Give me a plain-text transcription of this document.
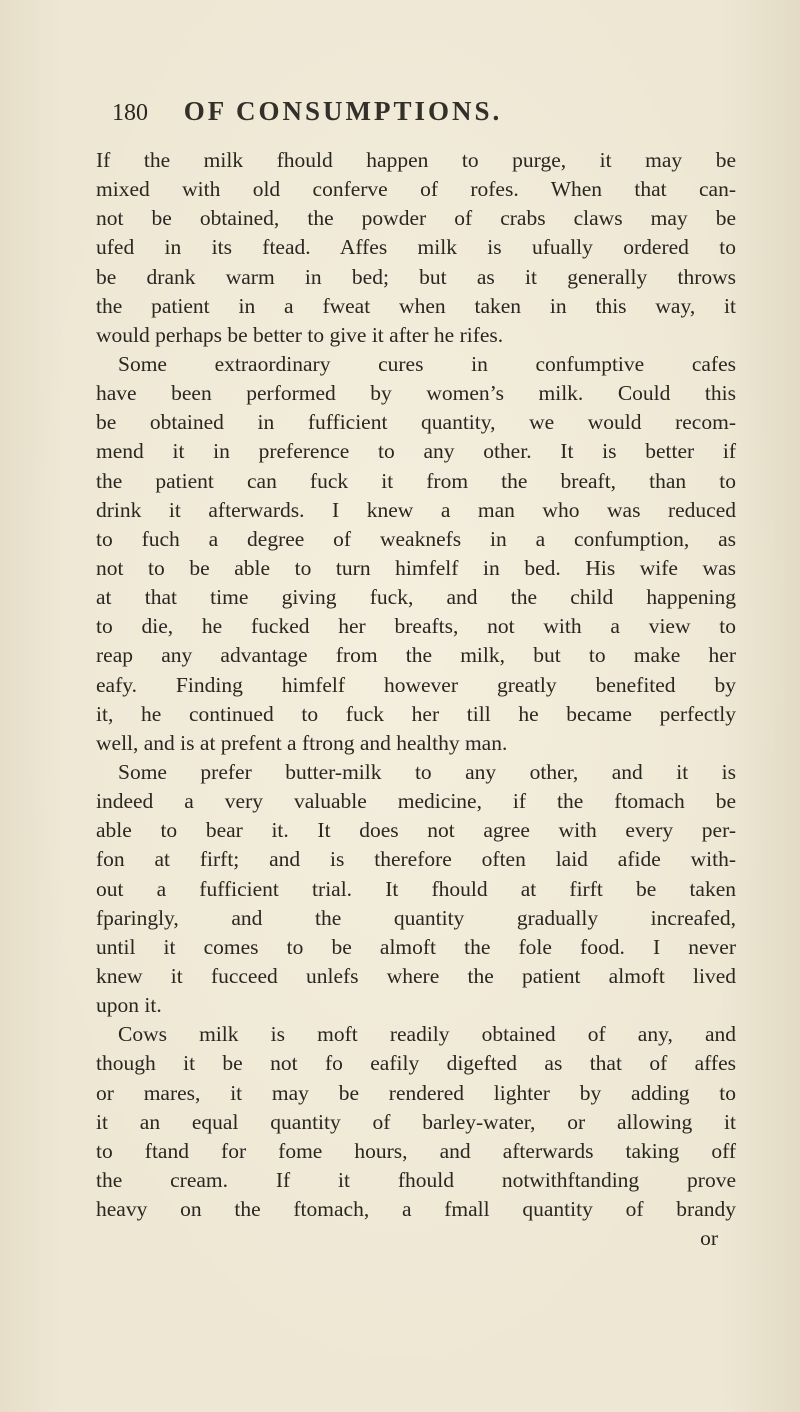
180 OF CONSUMPTIONS.
If the milk fhould happen to purge, it may be
mixed with old conferve of rofes. When that can-
not be obtained, the powder of crabs claws may be
ufed in its ftead. Affes milk is ufually ordered to
be drank warm in bed; but as it generally throws
the patient in a fweat when taken in this way, it
would perhaps be better to give it after he rifes.
Some extraordinary cures in confumptive cafes
have been performed by women’s milk. Could this
be obtained in fufficient quantity, we would recom-
mend it in preference to any other. It is better if
the patient can fuck it from the breaft, than to
drink it afterwards. I knew a man who was reduced
to fuch a degree of weaknefs in a confumption, as
not to be able to turn himfelf in bed. His wife was
at that time giving fuck, and the child happening
to die, he fucked her breafts, not with a view to
reap any advantage from the milk, but to make her
eafy. Finding himfelf however greatly benefited by
it, he continued to fuck her till he became perfectly
well, and is at prefent a ftrong and healthy man.
Some prefer butter-milk to any other, and it is
indeed a very valuable medicine, if the ftomach be
able to bear it. It does not agree with every per-
fon at firft; and is therefore often laid afide with-
out a fufficient trial. It fhould at firft be taken
fparingly, and the quantity gradually increafed,
until it comes to be almoft the fole food. I never
knew it fucceed unlefs where the patient almoft lived
upon it.
Cows milk is moft readily obtained of any, and
though it be not fo eafily digefted as that of affes
or mares, it may be rendered lighter by adding to
it an equal quantity of barley-water, or allowing it
to ftand for fome hours, and afterwards taking off
the cream. If it fhould notwithftanding prove
heavy on the ftomach, a fmall quantity of brandy
or
